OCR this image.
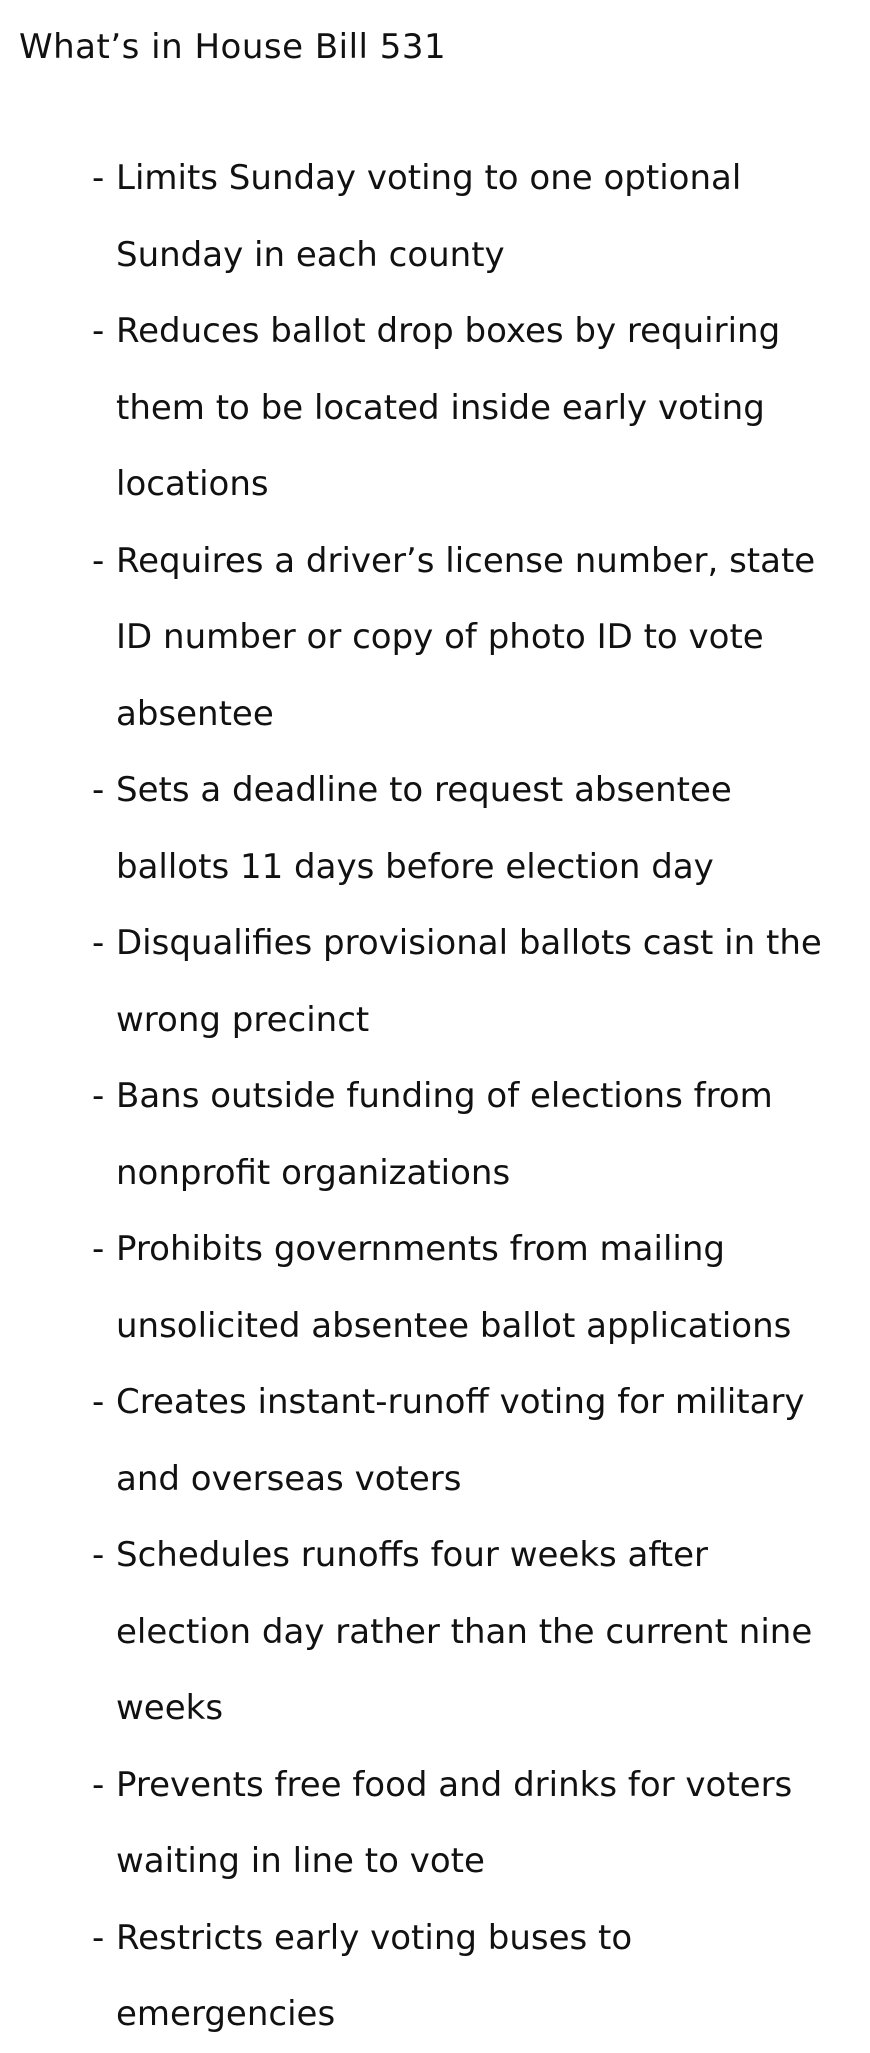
What’s in House Bill 531
- Limits Sunday voting to one optional Sunday in each county
- Reduces ballot drop boxes by requiring them to be located inside early voting locations
- Requires a driver’s license number, state ID number or copy of photo ID to vote absentee
- Sets a deadline to request absentee ballots 11 days before election day
- Disqualifies provisional ballots cast in the wrong precinct
- Bans outside funding of elections from nonprofit organizations
- Prohibits governments from mailing unsolicited absentee ballot applications
- Creates instant-runoff voting for military and overseas voters
- Schedules runoffs four weeks after election day rather than the current nine weeks
- Prevents free food and drinks for voters waiting in line to vote
- Restricts early voting buses to emergencies
